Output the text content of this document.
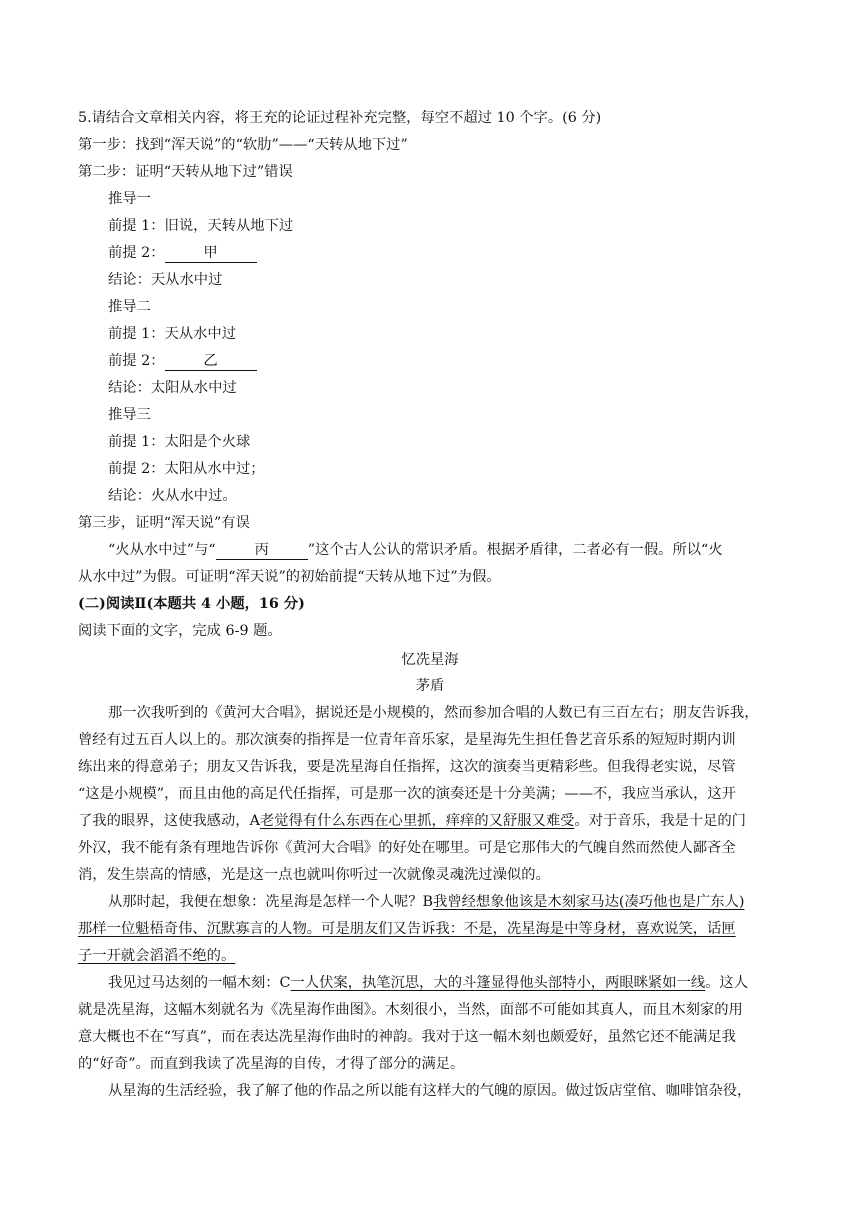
5.请结合文章相关内容，将王充的论证过程补充完整，每空不超过 10 个字。(6 分)
第一步：找到“浑天说”的“软肋”——“天转从地下过”
第二步：证明“天转从地下过”错误
推导一
前提 1：旧说，天转从地下过
前提 2：	甲
结论：天从水中过
推导二
前提 1：天从水中过
前提 2：	乙
结论：太阳从水中过
推导三
前提 1：太阳是个火球
前提 2：太阳从水中过；
结论：火从水中过。
第三步，证明“浑天说”有误
“火从水中过”与“	丙	”这个古人公认的常识矛盾。根据矛盾律，二者必有一假。所以“火
从水中过”为假。可证明“浑天说”的初始前提“天转从地下过”为假。
(二)阅读Ⅱ(本题共 4 小题，16 分)
阅读下面的文字，完成 6-9 题。
忆冼星海
茅盾
那一次我听到的《黄河大合唱》，据说还是小规模的，然而参加合唱的人数已有三百左右；朋友告诉我，
曾经有过五百人以上的。那次演奏的指挥是一位青年音乐家，是星海先生担任鲁艺音乐系的短短时期内训
练出来的得意弟子；朋友又告诉我，要是冼星海自任指挥，这次的演奏当更精彩些。但我得老实说，尽管
“这是小规模”，而且由他的高足代任指挥，可是那一次的演奏还是十分美满；——不，我应当承认，这开
了我的眼界，这使我感动，A老觉得有什么东西在心里抓，痒痒的又舒服又难受。对于音乐，我是十足的门
外汉，我不能有条有理地告诉你《黄河大合唱》的好处在哪里。可是它那伟大的气魄自然而然使人鄙吝全
消，发生崇高的情感，光是这一点也就叫你听过一次就像灵魂洗过澡似的。
从那时起，我便在想象：冼星海是怎样一个人呢？B我曾经想象他该是木刻家马达(凑巧他也是广东人)
那样一位魁梧奇伟、沉默寡言的人物。可是朋友们又告诉我：不是，冼星海是中等身材，喜欢说笑，话匣
子一开就会滔滔不绝的。
我见过马达刻的一幅木刻：C一人伏案，执笔沉思，大的斗篷显得他头部特小，两眼眯紧如一线。这人
就是冼星海，这幅木刻就名为《冼星海作曲图》。木刻很小，当然，面部不可能如其真人，而且木刻家的用
意大概也不在“写真”，而在表达冼星海作曲时的神韵。我对于这一幅木刻也颇爱好，虽然它还不能满足我
的“好奇”。而直到我读了冼星海的自传，才得了部分的满足。
从星海的生活经验，我了解了他的作品之所以能有这样大的气魄的原因。做过饭店堂倌、咖啡馆杂役，
